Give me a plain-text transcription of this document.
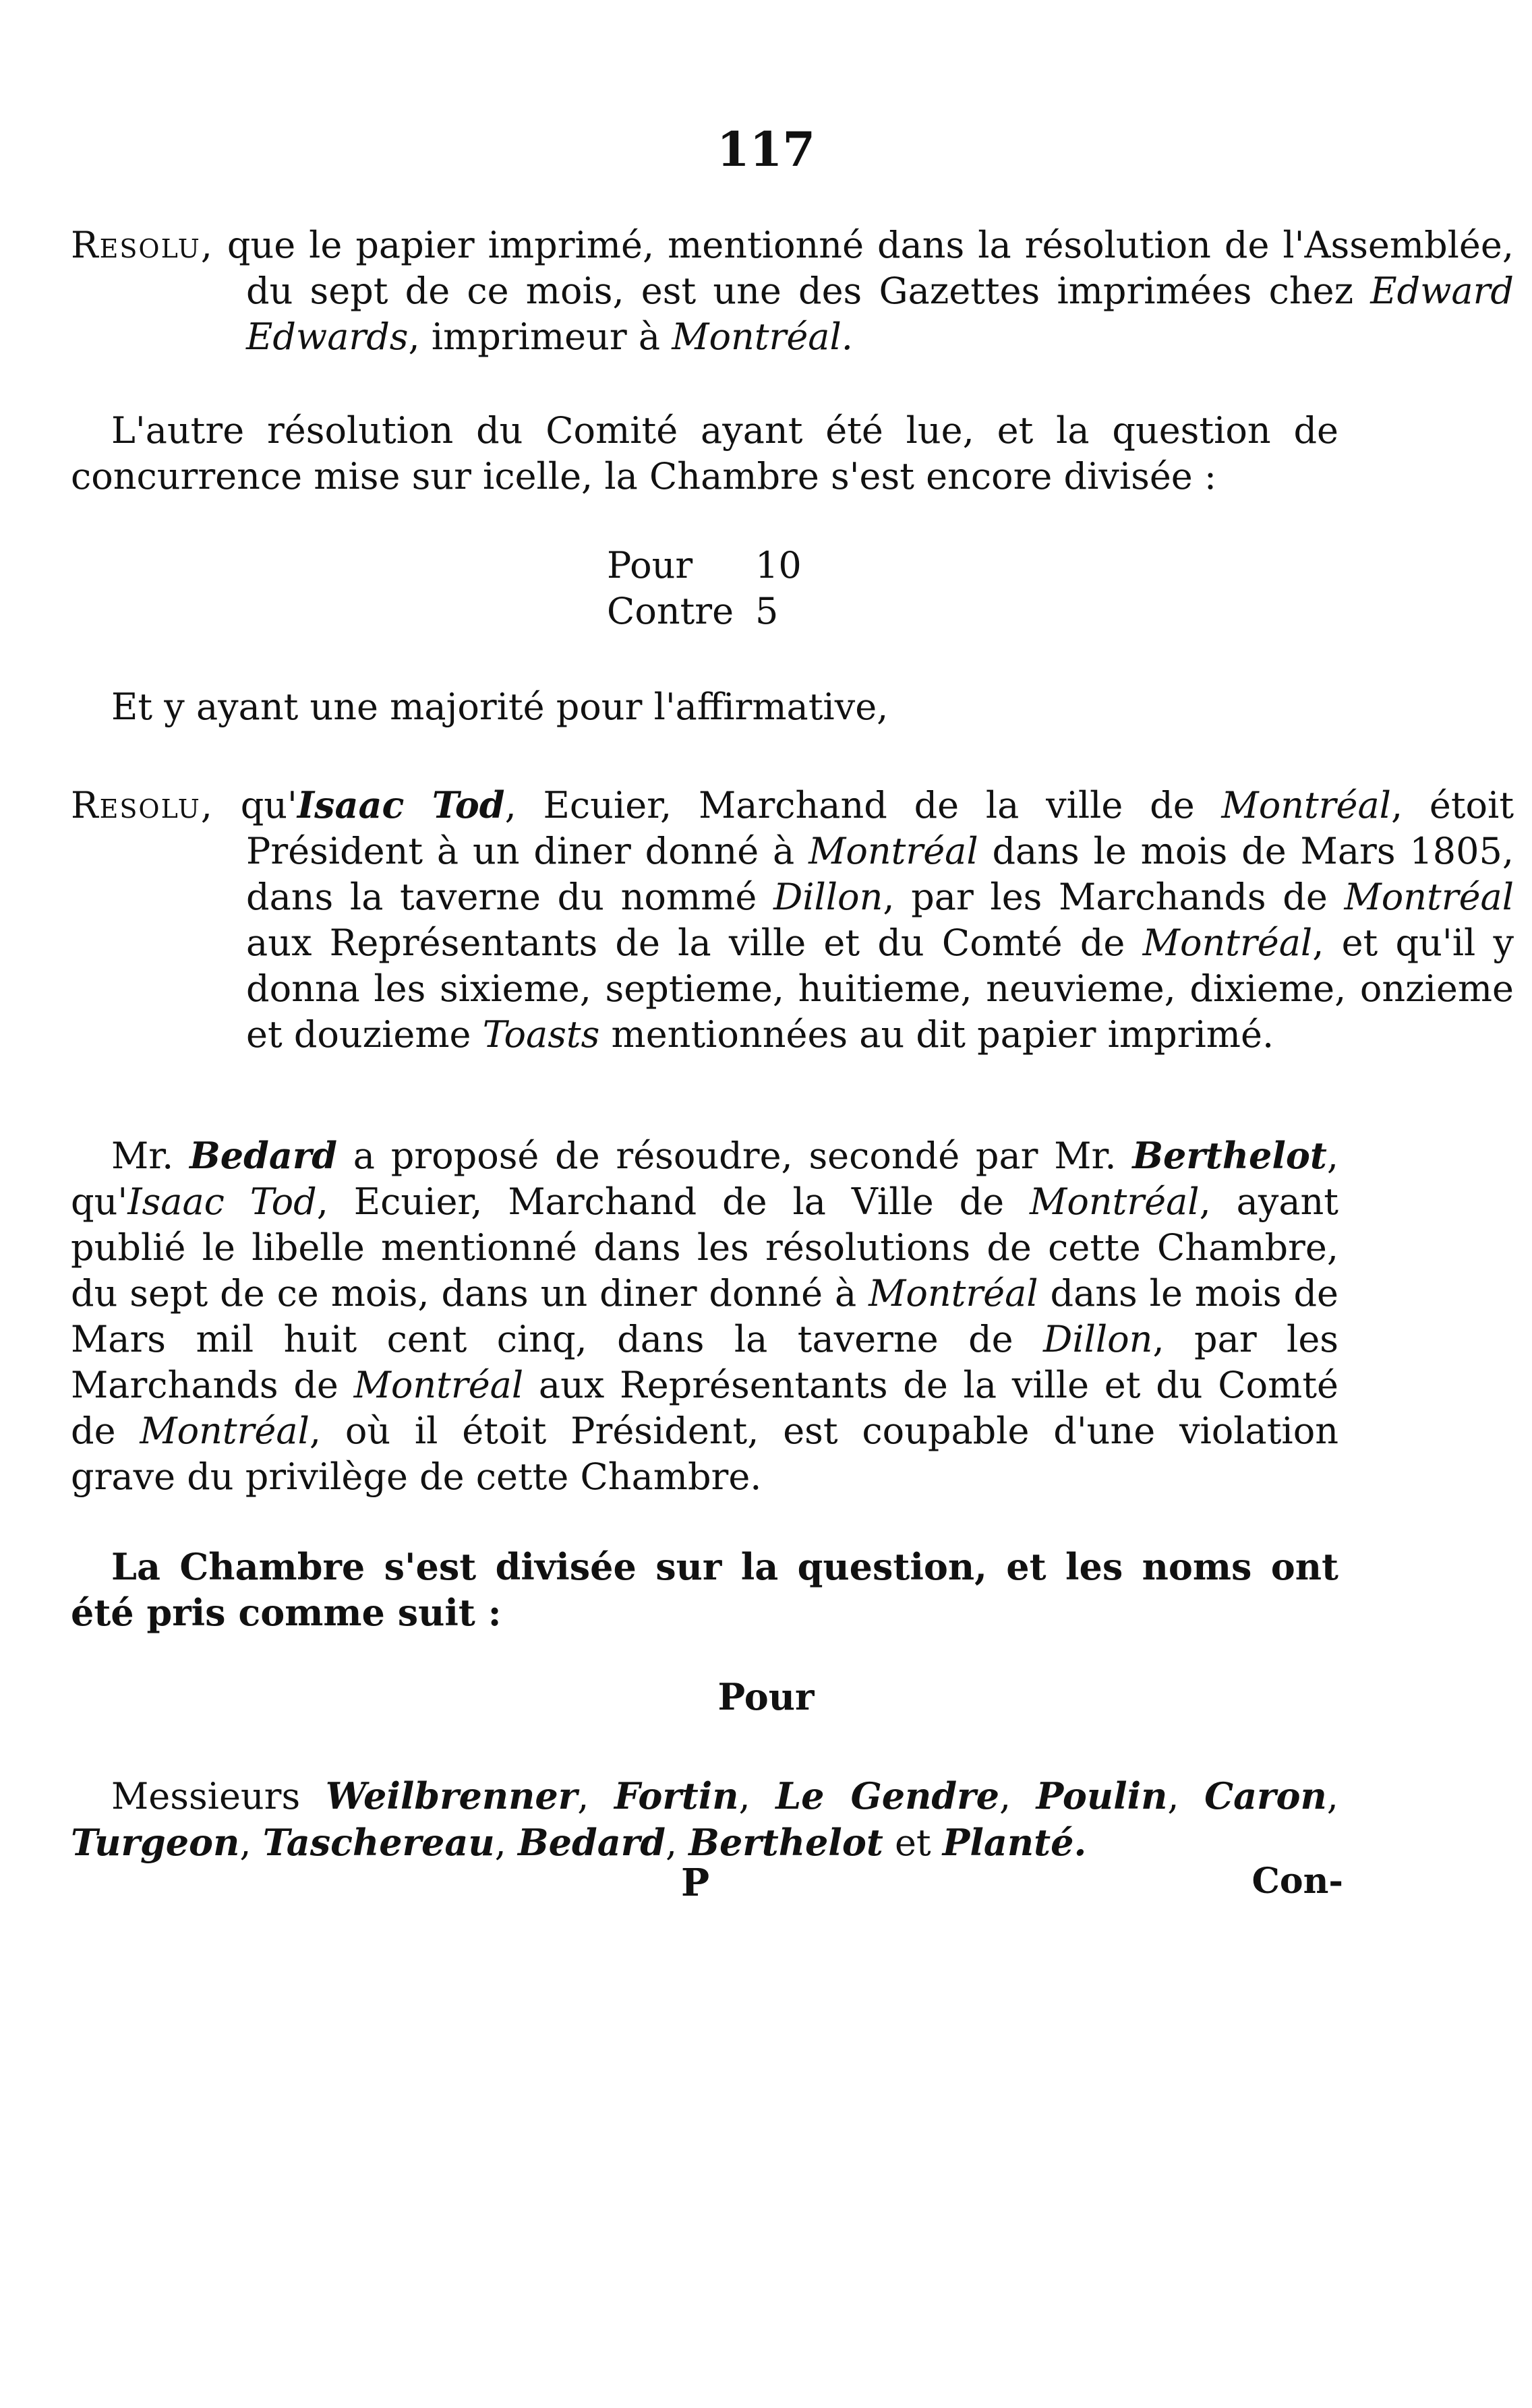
117

Resolu, que le papier imprimé, mentionné dans la résolution de l'Assemblée, du sept de ce mois, est une des Gazettes imprimées chez Edward Edwards, imprimeur à Montréal.

L'autre résolution du Comité ayant été lue, et la question de concurrence mise sur icelle, la Chambre s'est encore divisée :

Pour	10
Contre 5

Et y ayant une majorité pour l'affirmative,

Resolu, qu'Isaac Tod, Ecuier, Marchand de la ville de Montréal, étoit Président à un diner donné à Montréal dans le mois de Mars 1805, dans la taverne du nommé Dillon, par les Marchands de Montréal aux Représentants de la ville et du Comté de Montréal, et qu'il y donna les sixieme, septieme, huitieme, neuvieme, dixieme, onzieme et douzieme Toasts mentionnées au dit papier imprimé.

Mr. Bedard a proposé de résoudre, secondé par Mr. Berthelot, qu'Isaac Tod, Ecuier, Marchand de la Ville de Montréal, ayant publié le libelle mentionné dans les résolutions de cette Chambre, du sept de ce mois, dans un diner donné à Montréal dans le mois de Mars mil huit cent cinq, dans la taverne de Dillon, par les Marchands de Montréal aux Représentants de la ville et du Comté de Montréal, où il étoit Président, est coupable d'une violation grave du privilège de cette Chambre.

La Chambre s'est divisée sur la question, et les noms ont été pris comme suit :

Pour

Messieurs Weilbrenner, Fortin, Le Gendre, Poulin, Caron, Turgeon, Taschereau, Bedard, Berthelot et Planté.

P	Con-
